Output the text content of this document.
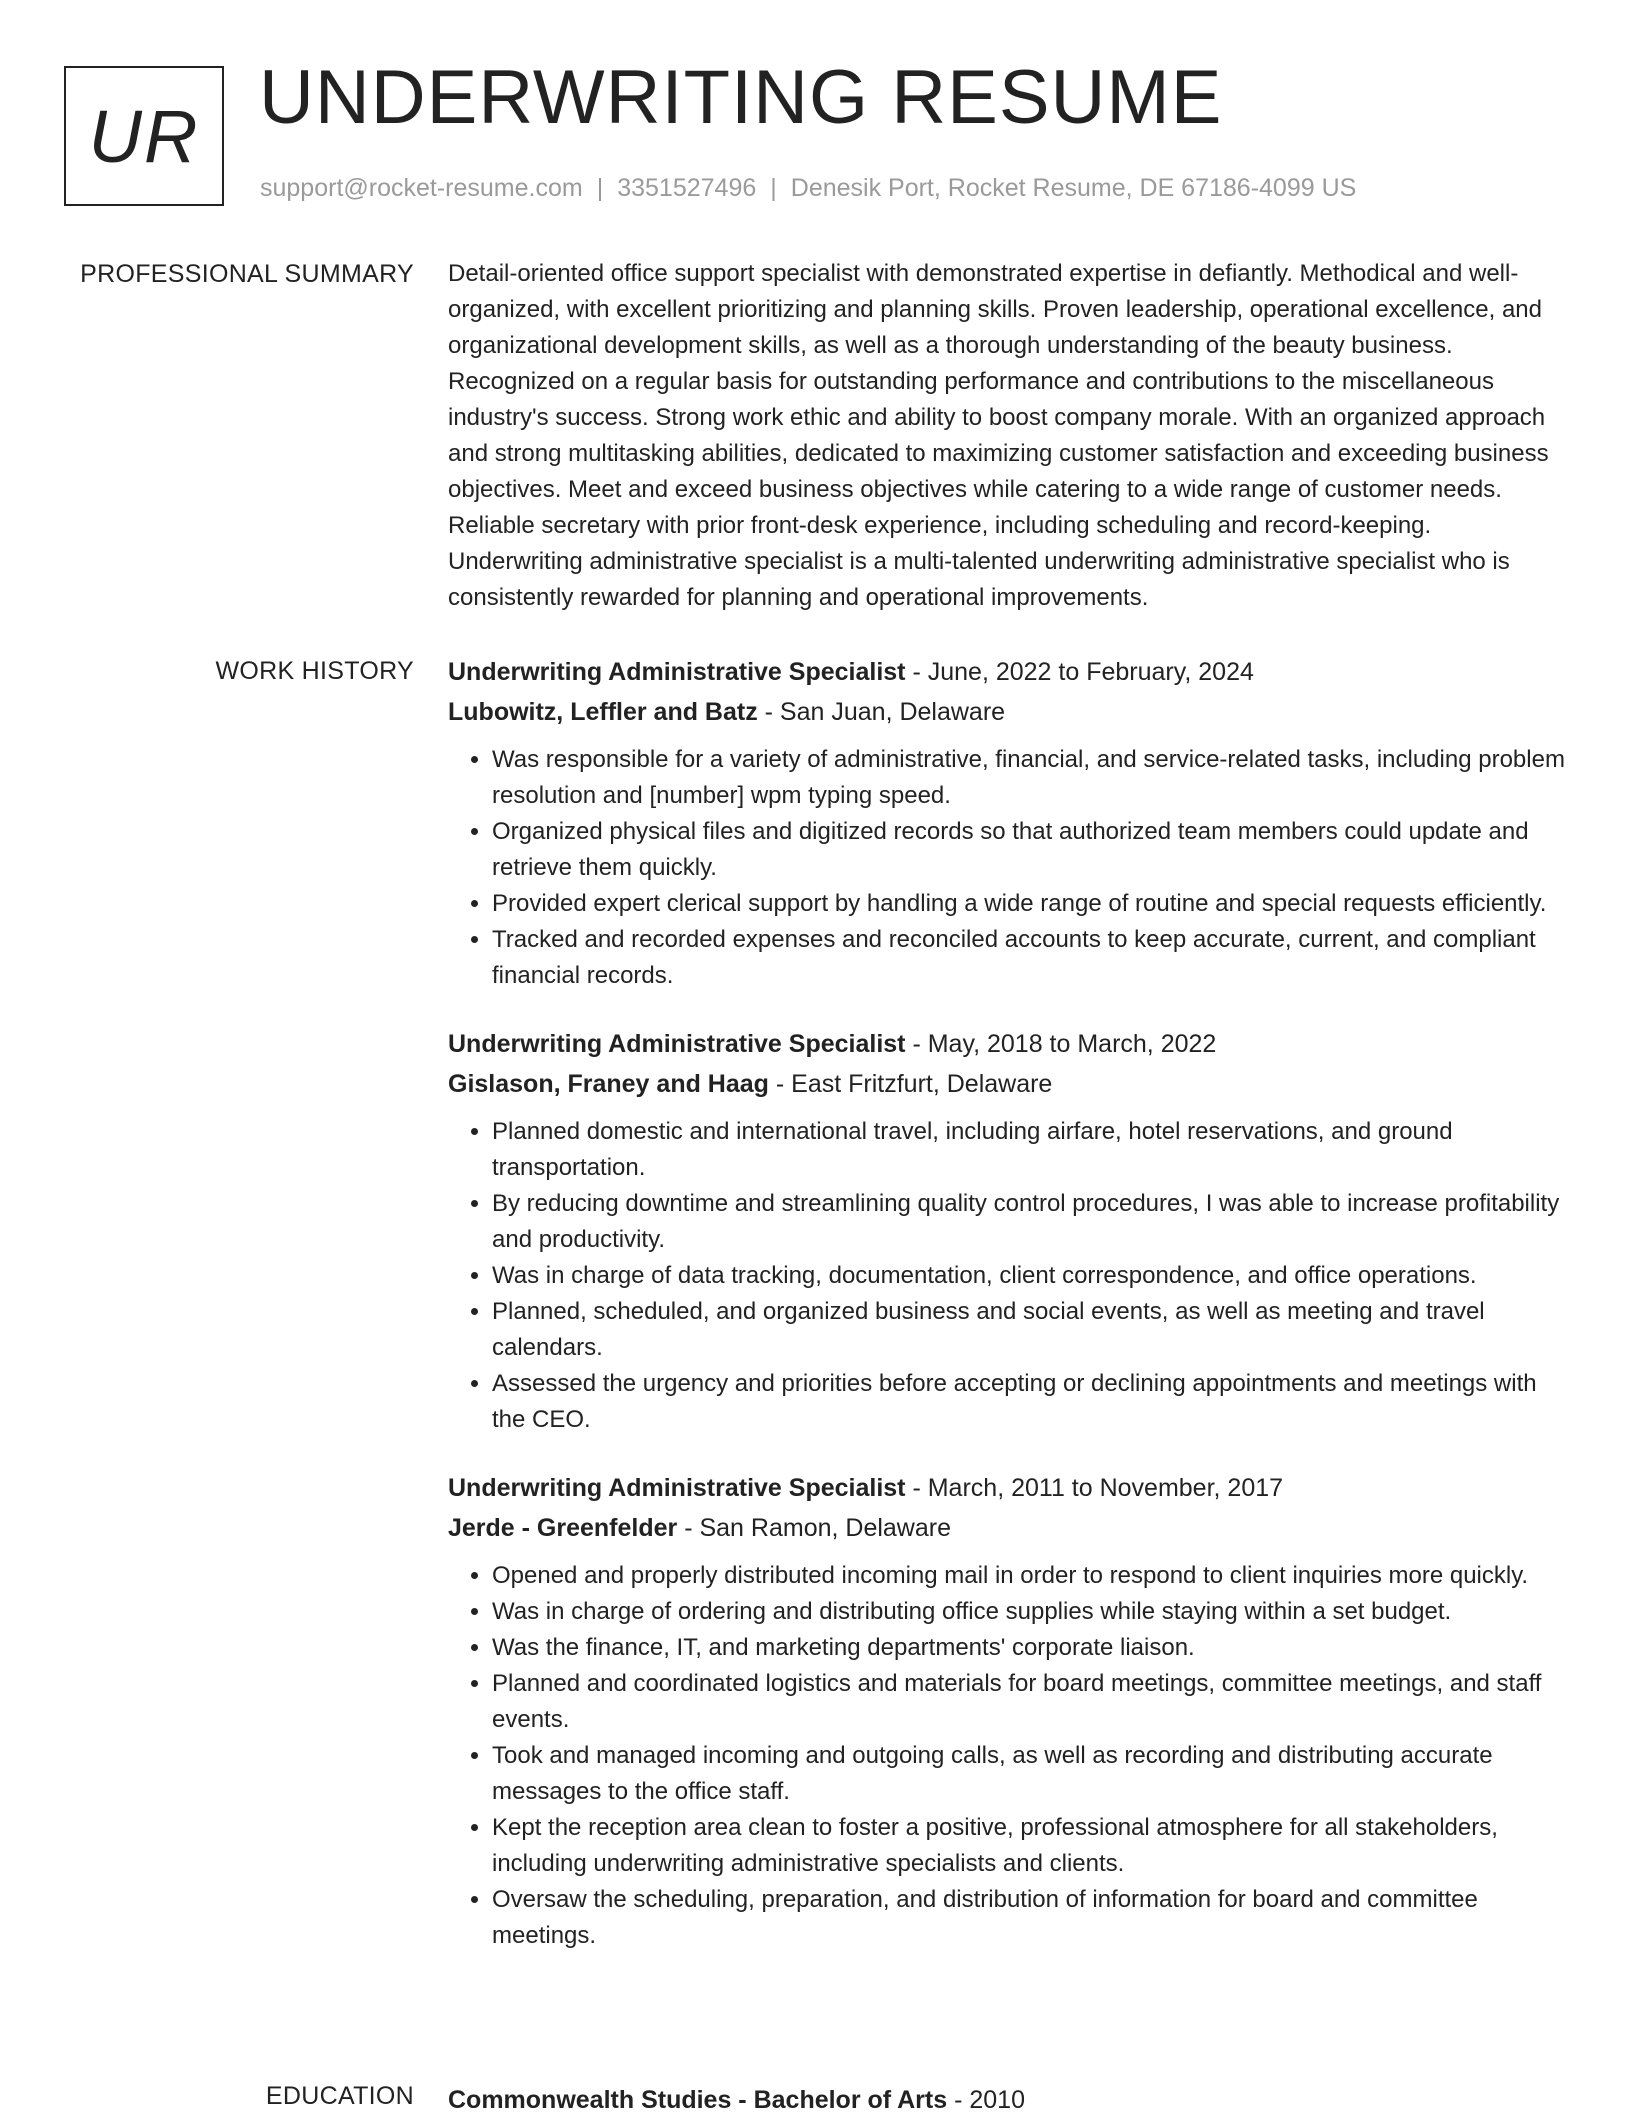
UR UNDERWRITING RESUME
support@rocket-resume.com | 3351527496 | Denesik Port, Rocket Resume, DE 67186-4099 US
PROFESSIONAL SUMMARY Detail-oriented office support specialist with demonstrated expertise in defiantly. Methodical and well-organized, with excellent prioritizing and planning skills. Proven leadership, operational excellence, and organizational development skills, as well as a thorough understanding of the beauty business. Recognized on a regular basis for outstanding performance and contributions to the miscellaneous industry's success. Strong work ethic and ability to boost company morale. With an organized approach and strong multitasking abilities, dedicated to maximizing customer satisfaction and exceeding business objectives. Meet and exceed business objectives while catering to a wide range of customer needs. Reliable secretary with prior front-desk experience, including scheduling and record-keeping. Underwriting administrative specialist is a multi-talented underwriting administrative specialist who is consistently rewarded for planning and operational improvements.

WORK HISTORY Underwriting Administrative Specialist - June, 2022 to February, 2024
Lubowitz, Leffler and Batz - San Juan, Delaware
• Was responsible for a variety of administrative, financial, and service-related tasks, including problem resolution and [number] wpm typing speed.
• Organized physical files and digitized records so that authorized team members could update and retrieve them quickly.
• Provided expert clerical support by handling a wide range of routine and special requests efficiently.
• Tracked and recorded expenses and reconciled accounts to keep accurate, current, and compliant financial records.
Underwriting Administrative Specialist - May, 2018 to March, 2022
Gislason, Franey and Haag - East Fritzfurt, Delaware
• Planned domestic and international travel, including airfare, hotel reservations, and ground transportation.
• By reducing downtime and streamlining quality control procedures, I was able to increase profitability and productivity.
• Was in charge of data tracking, documentation, client correspondence, and office operations.
• Planned, scheduled, and organized business and social events, as well as meeting and travel calendars.
• Assessed the urgency and priorities before accepting or declining appointments and meetings with the CEO.
Underwriting Administrative Specialist - March, 2011 to November, 2017
Jerde - Greenfelder - San Ramon, Delaware
• Opened and properly distributed incoming mail in order to respond to client inquiries more quickly.
• Was in charge of ordering and distributing office supplies while staying within a set budget.
• Was the finance, IT, and marketing departments' corporate liaison.
• Planned and coordinated logistics and materials for board meetings, committee meetings, and staff events.
• Took and managed incoming and outgoing calls, as well as recording and distributing accurate messages to the office staff.
• Kept the reception area clean to foster a positive, professional atmosphere for all stakeholders, including underwriting administrative specialists and clients.
• Oversaw the scheduling, preparation, and distribution of information for board and committee meetings.
EDUCATION Commonwealth Studies - Bachelor of Arts - 2010
